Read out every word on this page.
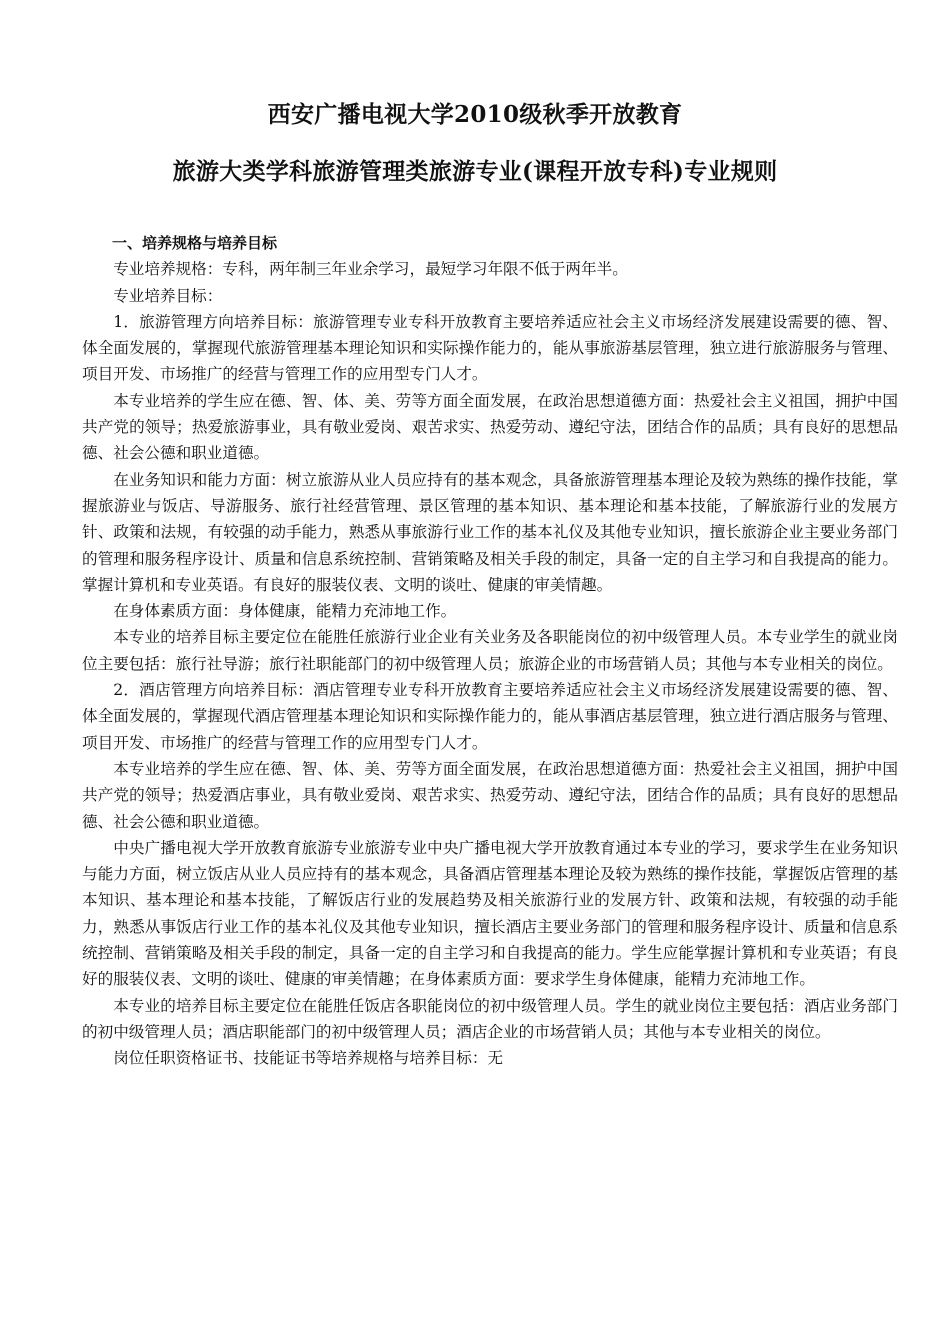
西安广播电视大学2010级秋季开放教育
旅游大类学科旅游管理类旅游专业(课程开放专科)专业规则

一、培养规格与培养目标

专业培养规格：专科，两年制三年业余学习，最短学习年限不低于两年半。

专业培养目标：

1．旅游管理方向培养目标：旅游管理专业专科开放教育主要培养适应社会主义市场经济发展建设需要的德、智、体全面发展的，掌握现代旅游管理基本理论知识和实际操作能力的，能从事旅游基层管理，独立进行旅游服务与管理、项目开发、市场推广的经营与管理工作的应用型专门人才。

本专业培养的学生应在德、智、体、美、劳等方面全面发展，在政治思想道德方面：热爱社会主义祖国，拥护中国共产党的领导；热爱旅游事业，具有敬业爱岗、艰苦求实、热爱劳动、遵纪守法，团结合作的品质；具有良好的思想品德、社会公德和职业道德。

在业务知识和能力方面：树立旅游从业人员应持有的基本观念，具备旅游管理基本理论及较为熟练的操作技能，掌握旅游业与饭店、导游服务、旅行社经营管理、景区管理的基本知识、基本理论和基本技能，了解旅游行业的发展方针、政策和法规，有较强的动手能力，熟悉从事旅游行业工作的基本礼仪及其他专业知识，擅长旅游企业主要业务部门的管理和服务程序设计、质量和信息系统控制、营销策略及相关手段的制定，具备一定的自主学习和自我提高的能力。掌握计算机和专业英语。有良好的服装仪表、文明的谈吐、健康的审美情趣。

在身体素质方面：身体健康，能精力充沛地工作。

本专业的培养目标主要定位在能胜任旅游行业企业有关业务及各职能岗位的初中级管理人员。本专业学生的就业岗位主要包括：旅行社导游；旅行社职能部门的初中级管理人员；旅游企业的市场营销人员；其他与本专业相关的岗位。

2．酒店管理方向培养目标：酒店管理专业专科开放教育主要培养适应社会主义市场经济发展建设需要的德、智、体全面发展的，掌握现代酒店管理基本理论知识和实际操作能力的，能从事酒店基层管理，独立进行酒店服务与管理、项目开发、市场推广的经营与管理工作的应用型专门人才。

本专业培养的学生应在德、智、体、美、劳等方面全面发展，在政治思想道德方面：热爱社会主义祖国，拥护中国共产党的领导；热爱酒店事业，具有敬业爱岗、艰苦求实、热爱劳动、遵纪守法，团结合作的品质；具有良好的思想品德、社会公德和职业道德。

中央广播电视大学开放教育旅游专业旅游专业中央广播电视大学开放教育通过本专业的学习，要求学生在业务知识与能力方面，树立饭店从业人员应持有的基本观念，具备酒店管理基本理论及较为熟练的操作技能，掌握饭店管理的基本知识、基本理论和基本技能，了解饭店行业的发展趋势及相关旅游行业的发展方针、政策和法规，有较强的动手能力，熟悉从事饭店行业工作的基本礼仪及其他专业知识，擅长酒店主要业务部门的管理和服务程序设计、质量和信息系统控制、营销策略及相关手段的制定，具备一定的自主学习和自我提高的能力。学生应能掌握计算机和专业英语；有良好的服装仪表、文明的谈吐、健康的审美情趣；在身体素质方面：要求学生身体健康，能精力充沛地工作。

本专业的培养目标主要定位在能胜任饭店各职能岗位的初中级管理人员。学生的就业岗位主要包括：酒店业务部门的初中级管理人员；酒店职能部门的初中级管理人员；酒店企业的市场营销人员；其他与本专业相关的岗位。

岗位任职资格证书、技能证书等培养规格与培养目标：无
